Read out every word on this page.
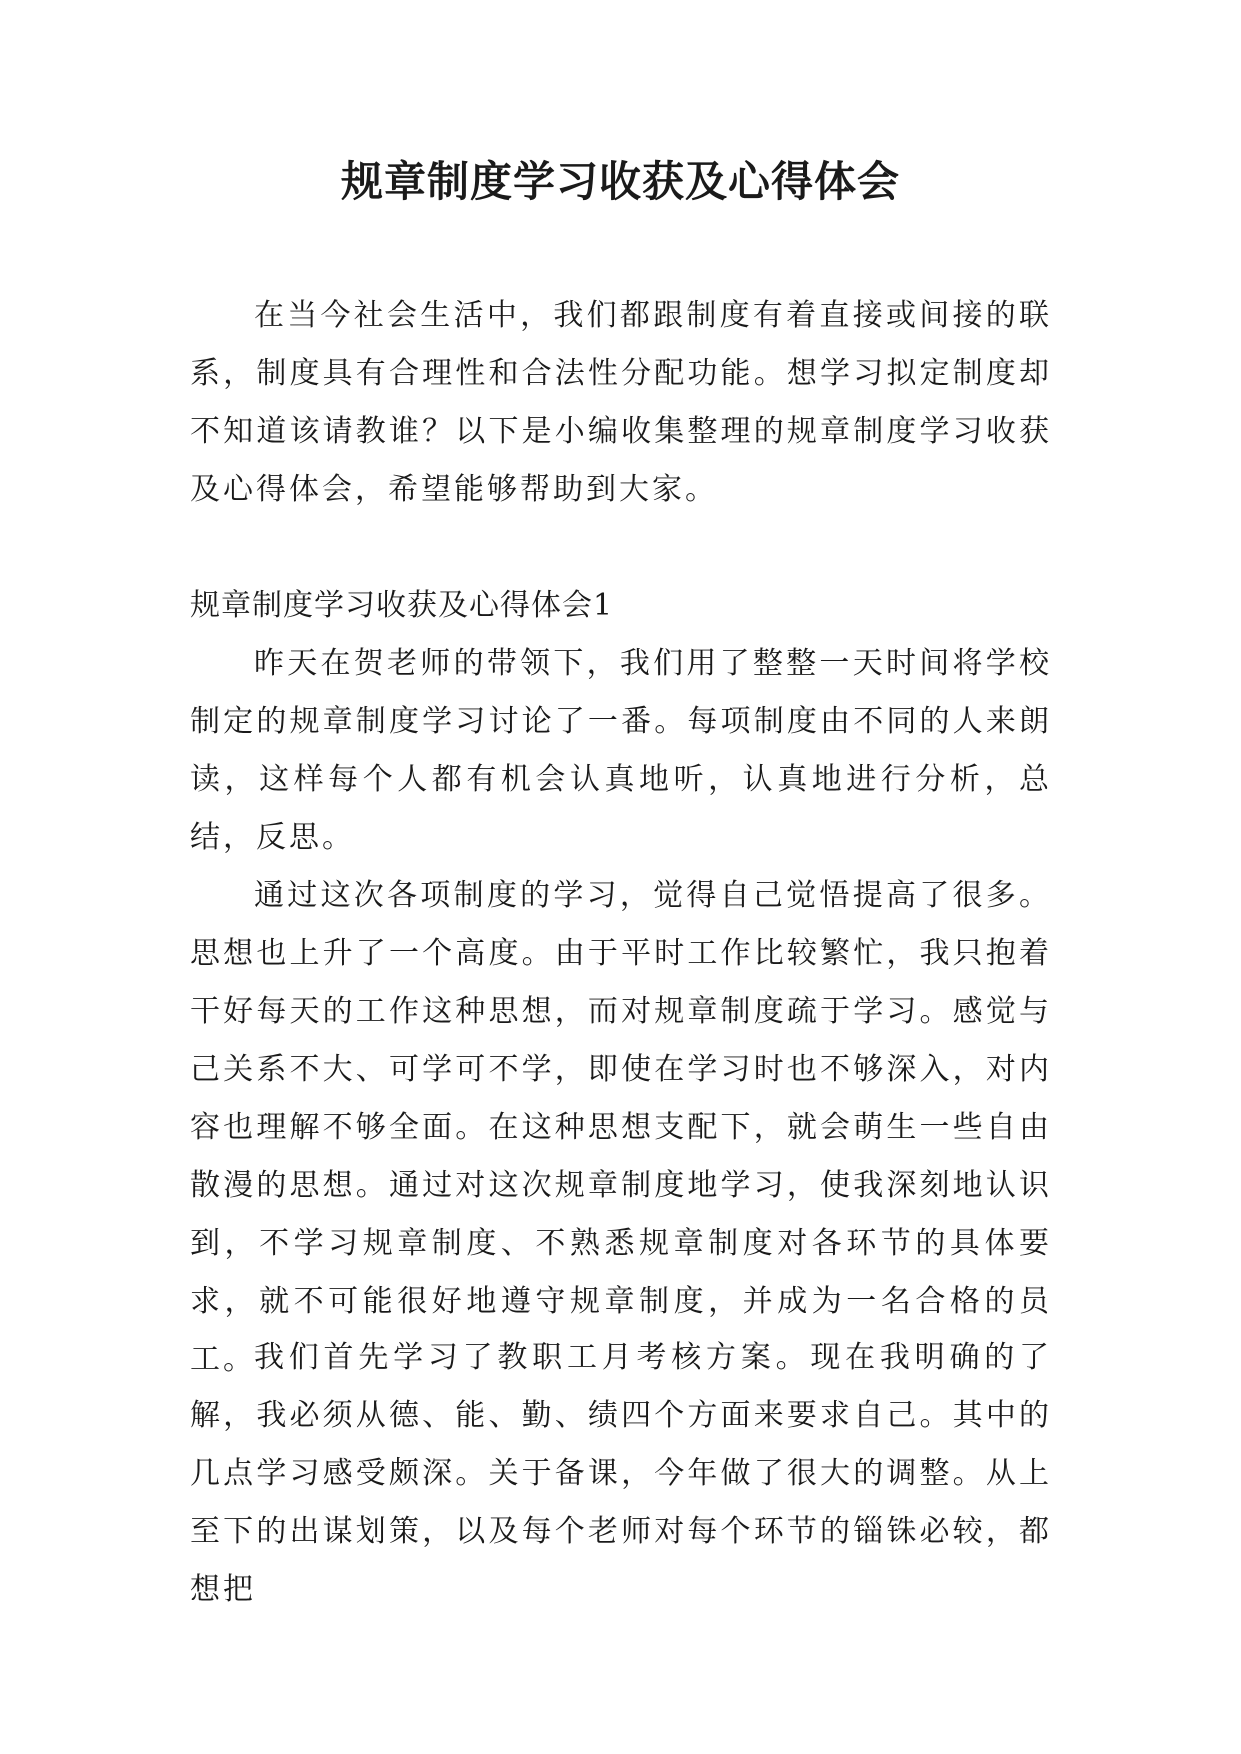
规章制度学习收获及心得体会

在当今社会生活中，我们都跟制度有着直接或间接的联系，制度具有合理性和合法性分配功能。想学习拟定制度却不知道该请教谁？以下是小编收集整理的规章制度学习收获及心得体会，希望能够帮助到大家。

规章制度学习收获及心得体会1

昨天在贺老师的带领下，我们用了整整一天时间将学校制定的规章制度学习讨论了一番。每项制度由不同的人来朗读，这样每个人都有机会认真地听，认真地进行分析，总结，反思。

通过这次各项制度的学习，觉得自己觉悟提高了很多。思想也上升了一个高度。由于平时工作比较繁忙，我只抱着干好每天的工作这种思想，而对规章制度疏于学习。感觉与己关系不大、可学可不学，即使在学习时也不够深入，对内容也理解不够全面。在这种思想支配下，就会萌生一些自由散漫的思想。通过对这次规章制度地学习，使我深刻地认识到，不学习规章制度、不熟悉规章制度对各环节的具体要求，就不可能很好地遵守规章制度，并成为一名合格的员工。

我们首先学习了教职工月考核方案。现在我明确的了解，我必须从德、能、勤、绩四个方面来要求自己。其中的几点学习感受颇深。关于备课，今年做了很大的调整。从上至下的出谋划策，以及每个老师对每个环节的锱铢必较，都想把
